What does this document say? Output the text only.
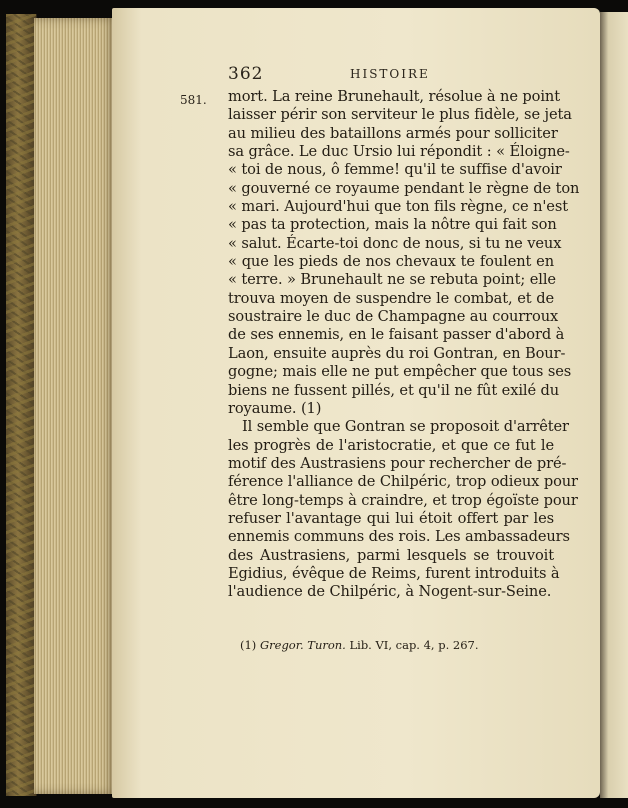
362	HISTOIRE
581. mort. La reine Brunehault, résolue à ne point
laisser périr son serviteur le plus fidèle, se jeta
au milieu des bataillons armés pour solliciter
sa grâce. Le duc Ursio lui répondit : « Éloigne-
« toi de nous, ô femme! qu'il te suffise d'avoir
« gouverné ce royaume pendant le règne de ton
« mari. Aujourd'hui que ton fils règne, ce n'est
« pas ta protection, mais la nôtre qui fait son
« salut. Écarte-toi donc de nous, si tu ne veux
« que les pieds de nos chevaux te foulent en
« terre. » Brunehault ne se rebuta point; elle
trouva moyen de suspendre le combat, et de
soustraire le duc de Champagne au courroux
de ses ennemis, en le faisant passer d'abord à
Laon, ensuite auprès du roi Gontran, en Bour-
gogne; mais elle ne put empêcher que tous ses
biens ne fussent pillés, et qu'il ne fût exilé du
royaume. (1)
Il semble que Gontran se proposoit d'arrêter
les progrès de l'aristocratie, et que ce fut le
motif des Austrasiens pour rechercher de pré-
férence l'alliance de Chilpéric, trop odieux pour
être long-temps à craindre, et trop égoïste pour
refuser l'avantage qui lui étoit offert par les
ennemis communs des rois. Les ambassadeurs
des Austrasiens, parmi lesquels se trouvoit
Egidius, évêque de Reims, furent introduits à
l'audience de Chilpéric, à Nogent-sur-Seine.
(1) Gregor. Turon. Lib. VI, cap. 4, p. 267.
